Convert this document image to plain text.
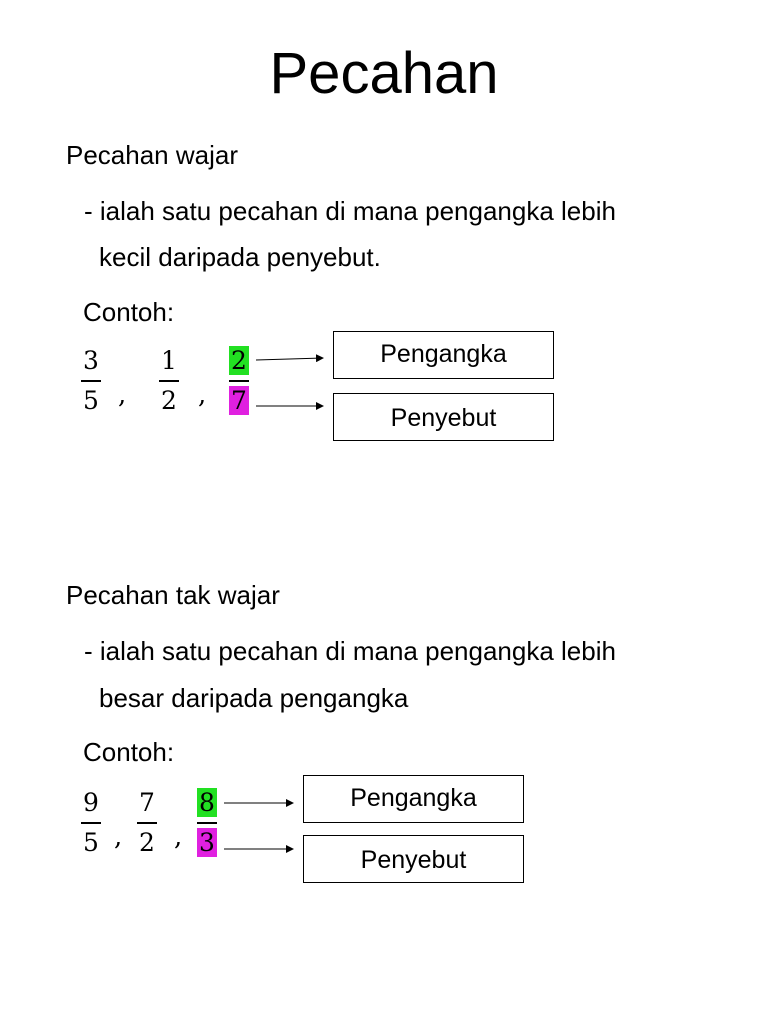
Pecahan
Pecahan wajar
- ialah satu pecahan di mana pengangka lebih
kecil daripada penyebut.
Contoh:
3
5 ,
1
2 ,
2
7
Pengangka
Penyebut
Pecahan tak wajar
- ialah satu pecahan di mana pengangka lebih
besar daripada pengangka
Contoh:
9
5 ,
7
2 ,
8
3
Pengangka
Penyebut
